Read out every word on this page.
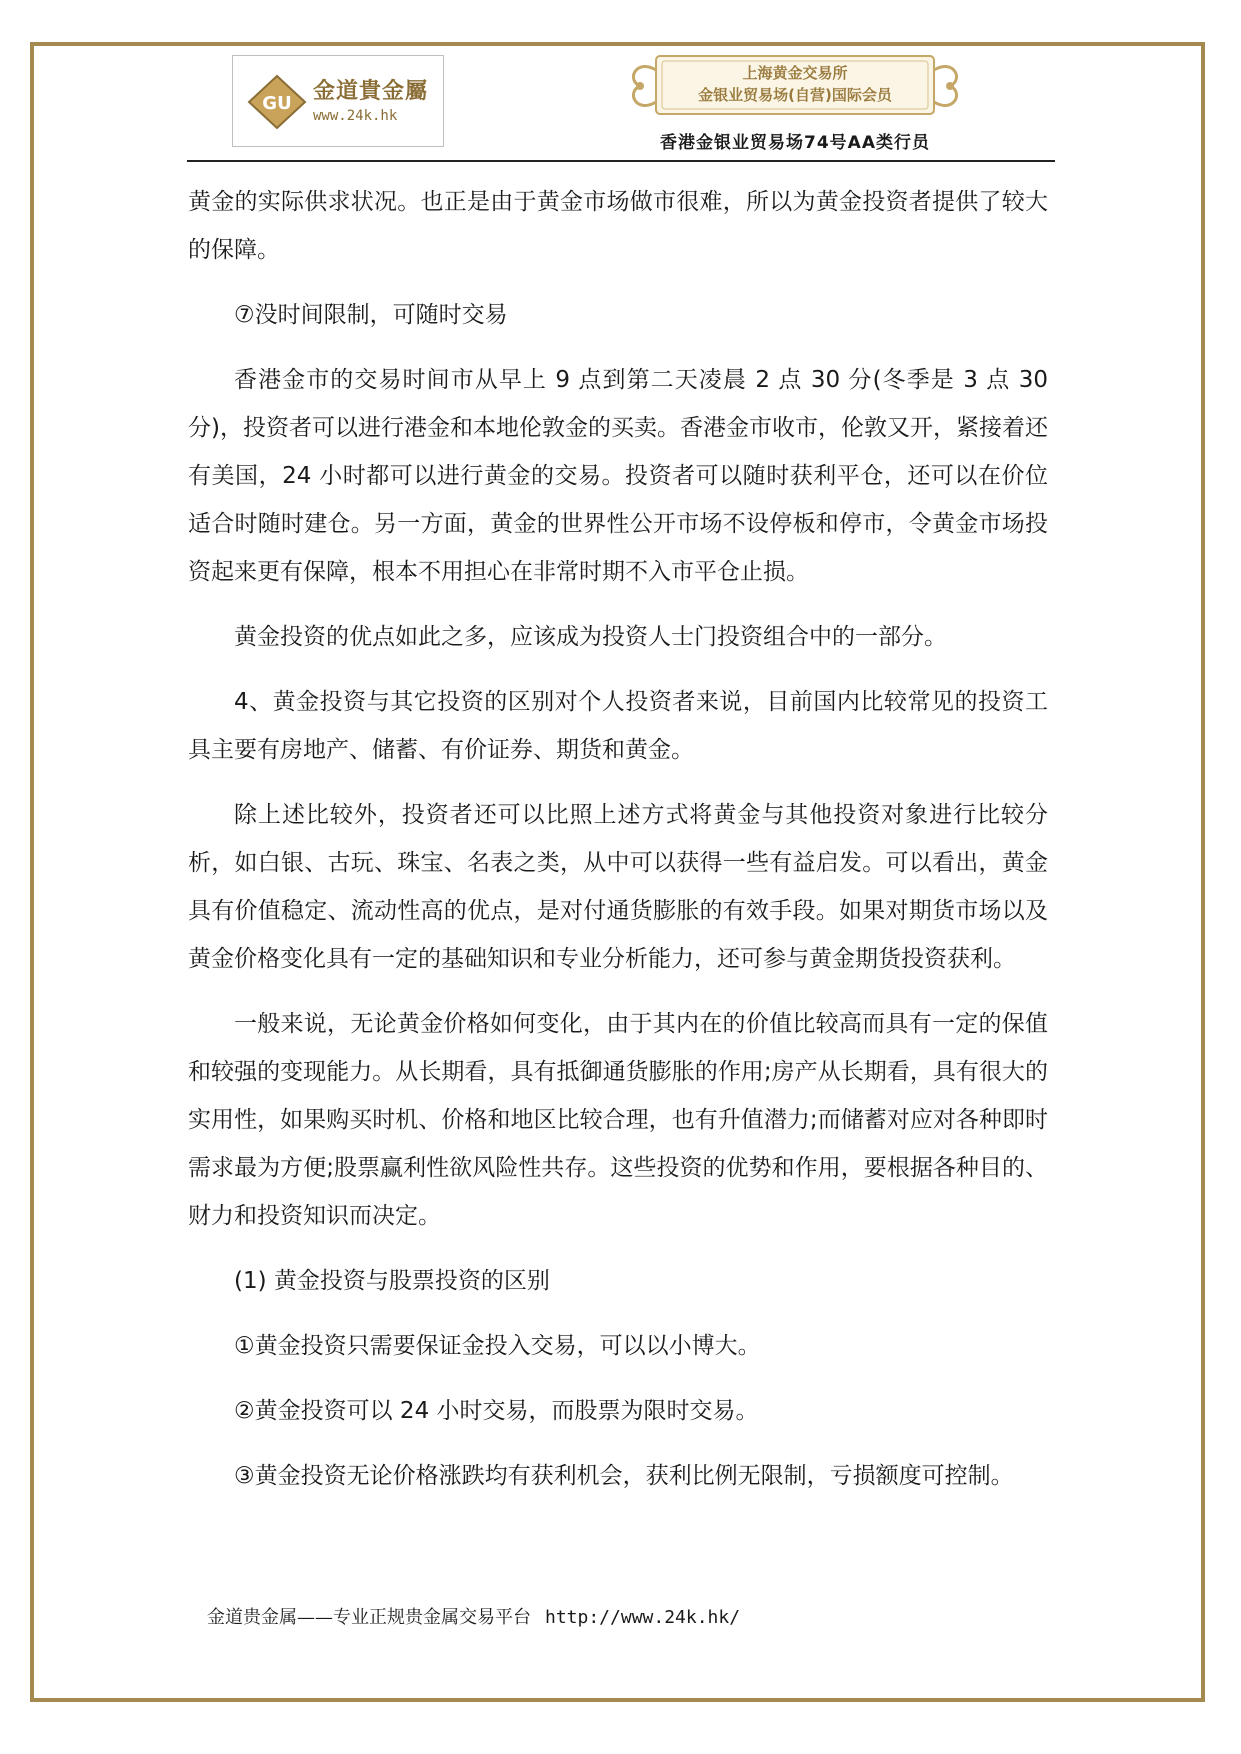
GU 金道貴金屬
www.24k.hk
上海黄金交易所
金银业贸易场(自营)国际会员
香港金银业贸易场74号AA类行员

黄金的实际供求状况。也正是由于黄金市场做市很难，所以为黄金投资者提供了较大的保障。

⑦没时间限制，可随时交易

香港金市的交易时间市从早上 9 点到第二天凌晨 2 点 30 分(冬季是 3 点 30 分)，投资者可以进行港金和本地伦敦金的买卖。香港金市收市，伦敦又开，紧接着还有美国，24 小时都可以进行黄金的交易。投资者可以随时获利平仓，还可以在价位适合时随时建仓。另一方面，黄金的世界性公开市场不设停板和停市，令黄金市场投资起来更有保障，根本不用担心在非常时期不入市平仓止损。

黄金投资的优点如此之多，应该成为投资人士门投资组合中的一部分。

4、黄金投资与其它投资的区别对个人投资者来说，目前国内比较常见的投资工具主要有房地产、储蓄、有价证券、期货和黄金。

除上述比较外，投资者还可以比照上述方式将黄金与其他投资对象进行比较分析，如白银、古玩、珠宝、名表之类，从中可以获得一些有益启发。可以看出，黄金具有价值稳定、流动性高的优点，是对付通货膨胀的有效手段。如果对期货市场以及黄金价格变化具有一定的基础知识和专业分析能力，还可参与黄金期货投资获利。

一般来说，无论黄金价格如何变化，由于其内在的价值比较高而具有一定的保值和较强的变现能力。从长期看，具有抵御通货膨胀的作用;房产从长期看，具有很大的实用性，如果购买时机、价格和地区比较合理，也有升值潜力;而储蓄对应对各种即时需求最为方便;股票赢利性欲风险性共存。这些投资的优势和作用，要根据各种目的、财力和投资知识而决定。

(1) 黄金投资与股票投资的区别

①黄金投资只需要保证金投入交易，可以以小博大。

②黄金投资可以 24 小时交易，而股票为限时交易。

③黄金投资无论价格涨跌均有获利机会，获利比例无限制，亏损额度可控制。

金道贵金属——专业正规贵金属交易平台 http://www.24k.hk/
